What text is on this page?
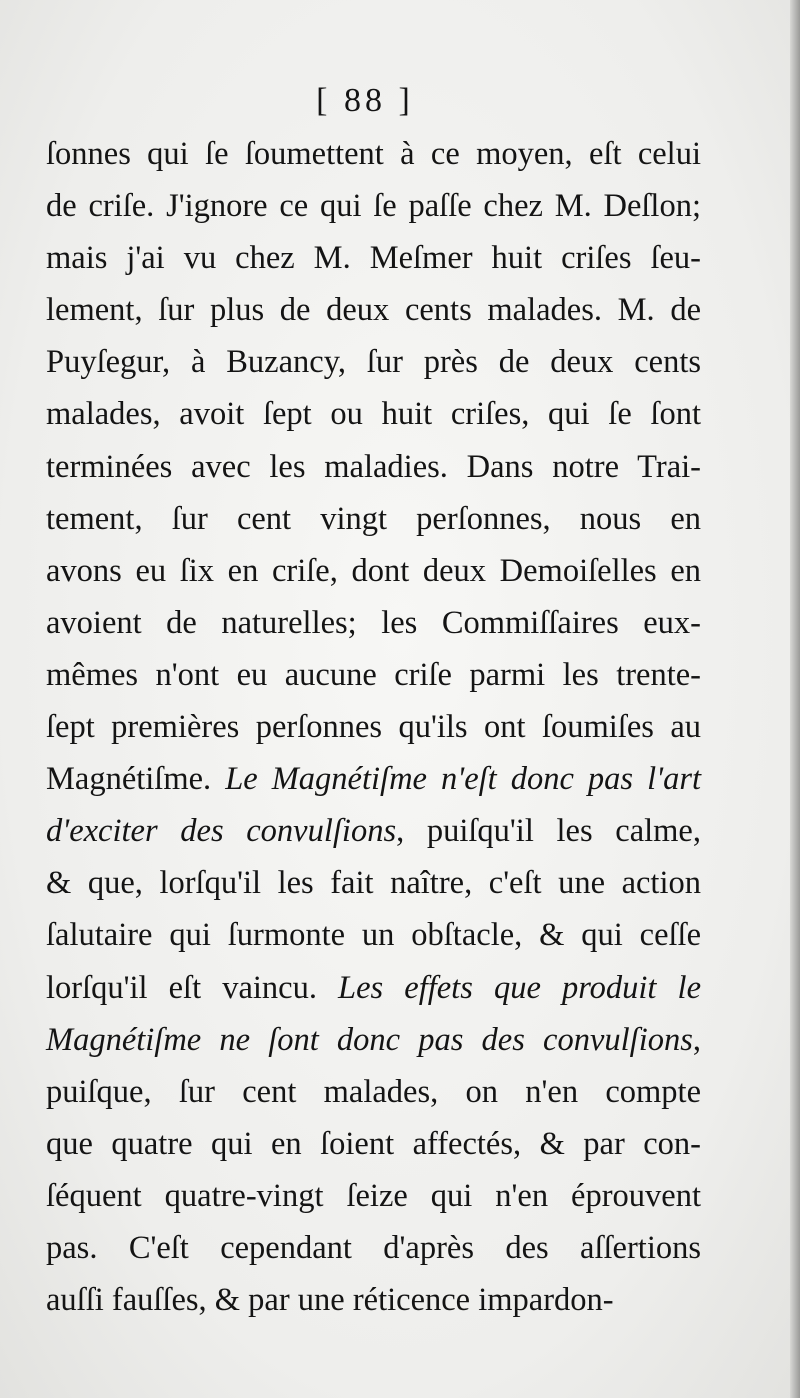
[ 88 ]
ſonnes qui ſe ſoumettent à ce moyen, eſt celui
de criſe. J'ignore ce qui ſe paſſe chez M. Deſlon;
mais j'ai vu chez M. Meſmer huit criſes ſeu-
lement, ſur plus de deux cents malades. M. de
Puyſegur, à Buzancy, ſur près de deux cents
malades, avoit ſept ou huit criſes, qui ſe ſont
terminées avec les maladies. Dans notre Trai-
tement, ſur cent vingt perſonnes, nous en
avons eu ſix en criſe, dont deux Demoiſelles en
avoient de naturelles; les Commiſſaires eux-
mêmes n'ont eu aucune criſe parmi les trente-
ſept premières perſonnes qu'ils ont ſoumiſes au
Magnétiſme. Le Magnétiſme n'eſt donc pas l'art
d'exciter des convulſions, puiſqu'il les calme,
& que, lorſqu'il les fait naître, c'eſt une action
ſalutaire qui ſurmonte un obſtacle, & qui ceſſe
lorſqu'il eſt vaincu. Les effets que produit le
Magnétiſme ne ſont donc pas des convulſions,
puiſque, ſur cent malades, on n'en compte
que quatre qui en ſoient affectés, & par con-
ſéquent quatre-vingt ſeize qui n'en éprouvent
pas. C'eſt cependant d'après des aſſertions
auſſi fauſſes, & par une réticence impardon-
